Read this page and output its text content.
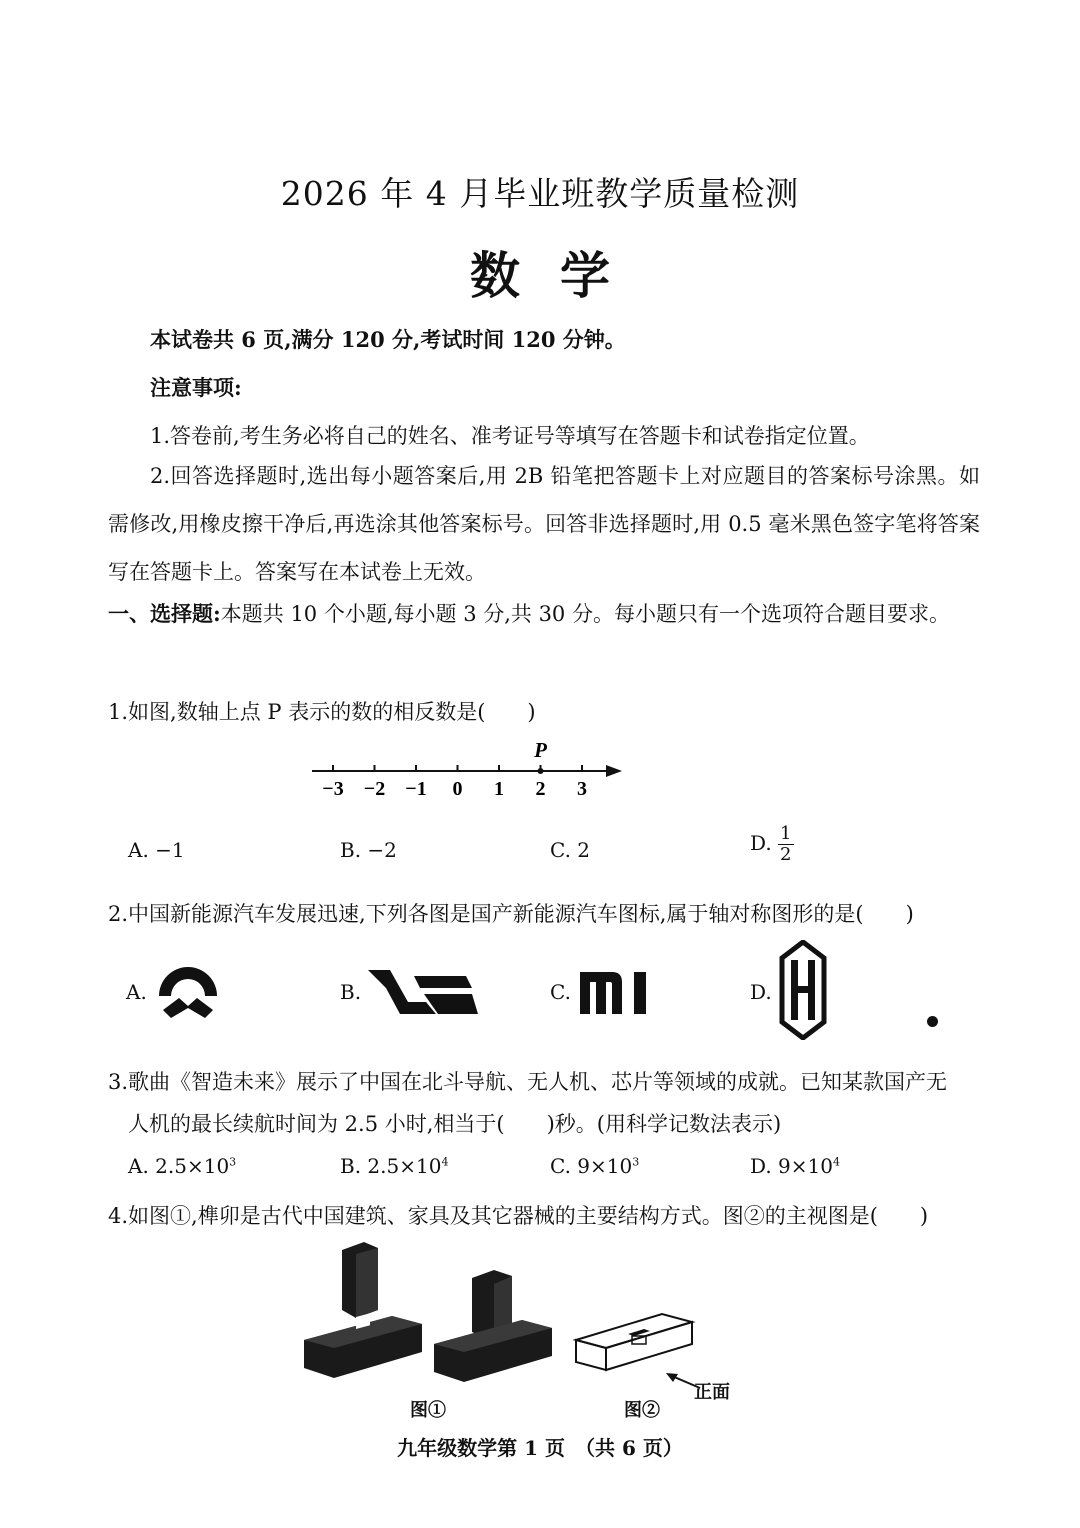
2026 年 4 月毕业班教学质量检测
数学
本试卷共 6 页,满分 120 分,考试时间 120 分钟。
注意事项:
1.答卷前,考生务必将自己的姓名、准考证号等填写在答题卡和试卷指定位置。
2.回答选择题时,选出每小题答案后,用 2B 铅笔把答题卡上对应题目的答案标号涂黑。如需修改,用橡皮擦干净后,再选涂其他答案标号。回答非选择题时,用 0.5 毫米黑色签字笔将答案写在答题卡上。答案写在本试卷上无效。
一、选择题:本题共 10 个小题,每小题 3 分,共 30 分。每小题只有一个选项符合题目要求。
1.如图,数轴上点 P 表示的数的相反数是(　　)
−3 −2 −1 0 1 2 3
P
A. −1	B. −2	C. 2	D. $\frac{1}{2}$
2.中国新能源汽车发展迅速,下列各图是国产新能源汽车图标,属于轴对称图形的是(　　)
A.	B.	C.	D.
3.歌曲《智造未来》展示了中国在北斗导航、无人机、芯片等领域的成就。已知某款国产无
人机的最长续航时间为 2.5 小时,相当于(　　)秒。(用科学记数法表示)
A. $2.5\times 10^3$	B. $2.5\times 10^4$	C. $9\times 10^3$	D. $9\times 10^4$
4.如图①,榫卯是古代中国建筑、家具及其它器械的主要结构方式。图②的主视图是(　　)
图①
正面
图②
九年级数学第 1 页　（共 6 页）
